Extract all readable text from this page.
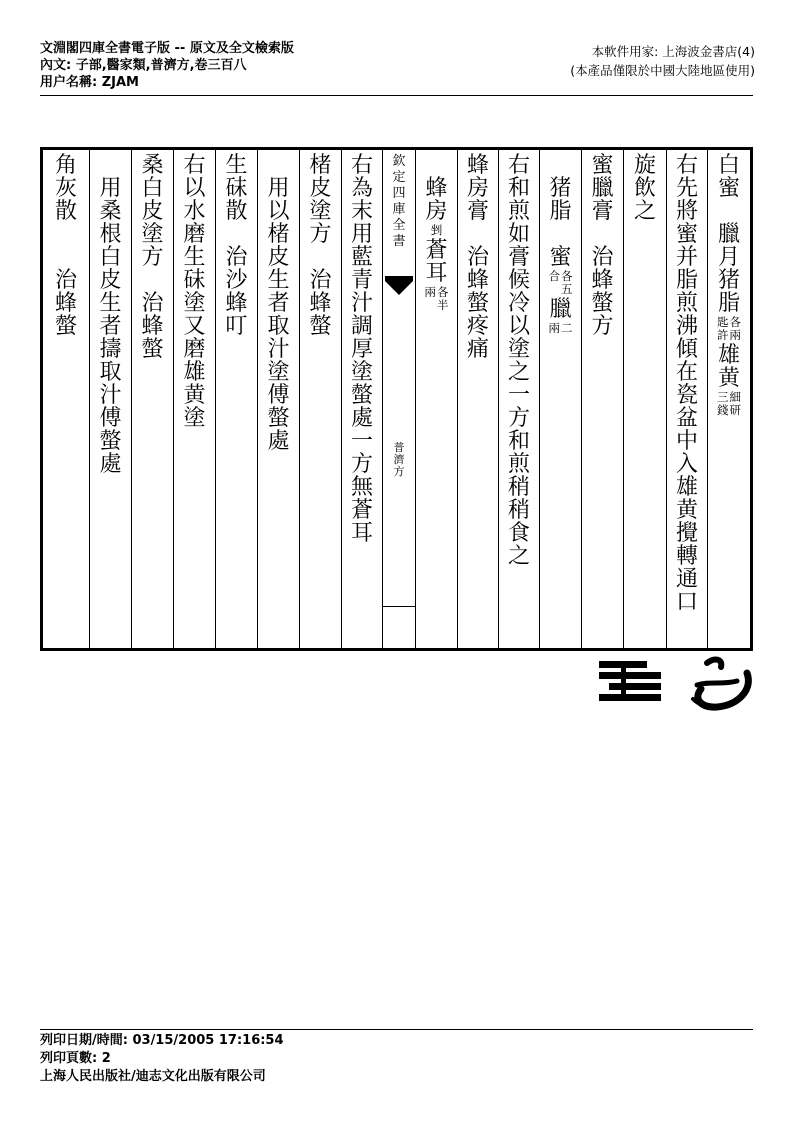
文淵閣四庫全書電子版 -- 原文及全文檢索版
內文: 子部,醫家類,普濟方,卷三百八
用户名稱: ZJAM
本軟件用家: 上海波金書店(4)
(本產品僅限於中國大陸地區使用)
白
蜜
臘
月
猪
脂
各
兩
匙
許
雄
黄
細
研
三
錢
右
先
將
蜜
并
脂
煎
沸
傾
在
瓷
盆
中
入
雄
黄
攪
轉
通
口
旋
飲
之
蜜
臘
膏
治
蜂
螫
方
猪
脂
蜜
各
五
合
臘
二
兩
右
和
煎
如
膏
候
冷
以
塗
之
一
方
和
煎
稍
稍
食
之
蜂
房
膏
治
蜂
螫
疼
痛
蜂
房
剉
蒼
耳
各
半
兩
欽
定
四
庫
全
書
普
濟
方
右
為
末
用
藍
青
汁
調
厚
塗
螫
處
一
方
無
蒼
耳
楮
皮
塗
方
治
蜂
螫
用
以
楮
皮
生
者
取
汁
塗
傅
螫
處
生
砞
散
治
沙
蜂
叮
右
以
水
磨
生
砞
塗
又
磨
雄
黄
塗
桑
白
皮
塗
方
治
蜂
螫
用
桑
根
白
皮
生
者
擣
取
汁
傅
螫
處
角
灰
散
治
蜂
螫
列印日期/時間: 03/15/2005 17:16:54
列印頁數: 2
上海人民出版社/迪志文化出版有限公司
